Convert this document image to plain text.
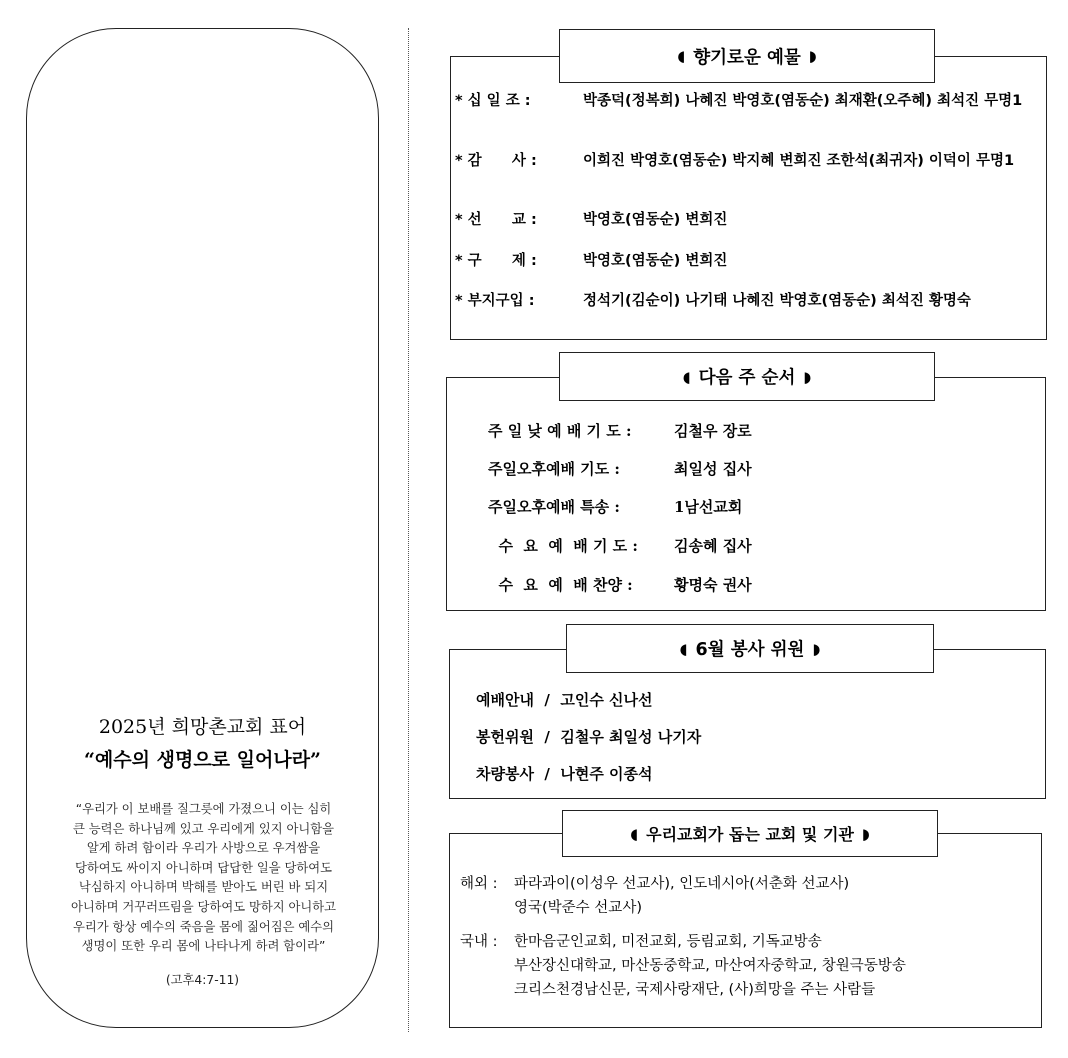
2025년 희망촌교회 표어
“예수의 생명으로 일어나라”
“우리가 이 보배를 질그릇에 가졌으니 이는 심히
큰 능력은 하나님께 있고 우리에게 있지 아니함을
알게 하려 함이라 우리가 사방으로 우겨쌈을
당하여도 싸이지 아니하며 답답한 일을 당하여도
낙심하지 아니하며 박해를 받아도 버린 바 되지
아니하며 거꾸러뜨림을 당하여도 망하지 아니하고
우리가 항상 예수의 죽음을 몸에 짊어짐은 예수의
생명이 또한 우리 몸에 나타나게 하려 함이라”
(고후4:7-11)
◖ 향기로운 예물 ◗
* 십 일 조 :	박종덕(정복희) 나혜진 박영호(염동순) 최재환(오주혜) 최석진 무명1
* 감      사 :	이희진 박영호(염동순) 박지혜 변희진 조한석(최귀자) 이덕이 무명1
* 선      교 :	박영호(염동순) 변희진
* 구      제 :	박영호(염동순) 변희진
* 부지구입 :	정석기(김순이) 나기태 나혜진 박영호(염동순) 최석진 황명숙
◖ 다음 주 순서 ◗
주 일 낮 예 배 기 도 :	김철우 장로
주일오후예배 기도 :	최일성 집사
주일오후예배 특송 :	1남선교회
수  요  예  배 기 도 : 김송혜 집사
수  요  예  배 찬양 :	황명숙 권사
◖ 6월 봉사 위원 ◗
예배안내  /  고인수 신나선
봉헌위원  /  김철우 최일성 나기자
차량봉사  /  나현주 이종석
◖ 우리교회가 돕는 교회 및 기관 ◗
해외 : 파라과이(이성우 선교사), 인도네시아(서춘화 선교사)
영국(박준수 선교사)
국내 : 한마음군인교회, 미전교회, 등림교회, 기독교방송
부산장신대학교, 마산동중학교, 마산여자중학교, 창원극동방송
크리스천경남신문, 국제사랑재단, (사)희망을 주는 사람들
